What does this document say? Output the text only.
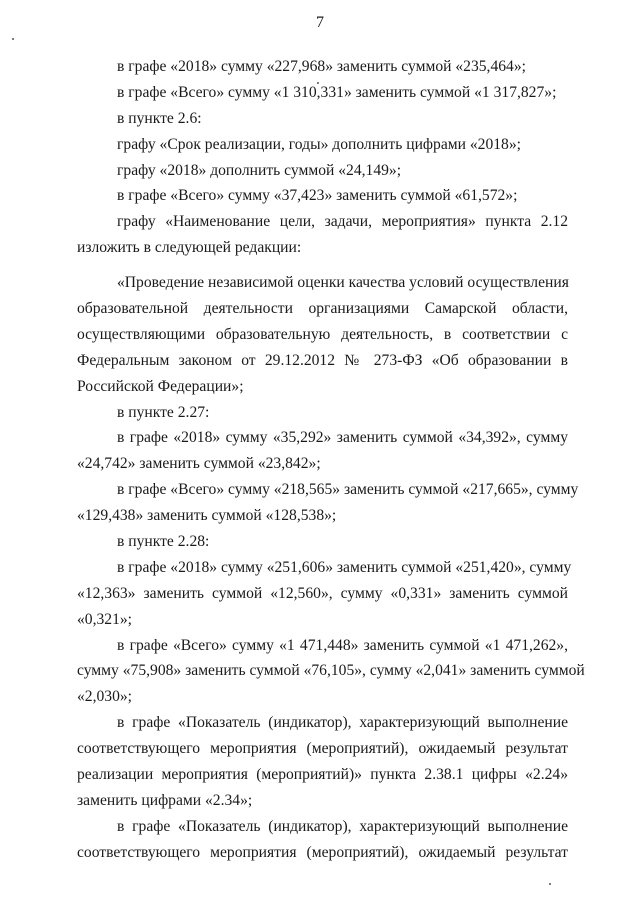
7
в графе «2018» сумму «227,968» заменить суммой «235,464»;
в графе «Всего» сумму «1 310,331» заменить суммой «1 317,827»;
в пункте 2.6:
графу «Срок реализации, годы» дополнить цифрами «2018»;
графу «2018» дополнить суммой «24,149»;
в графе «Всего» сумму «37,423» заменить суммой «61,572»;
графу «Наименование цели, задачи, мероприятия» пункта 2.12
изложить в следующей редакции:
«Проведение независимой оценки качества условий осуществления
образовательной деятельности организациями Самарской области,
осуществляющими образовательную деятельность, в соответствии с
Федеральным законом от 29.12.2012 № 273-ФЗ «Об образовании в
Российской Федерации»;
в пункте 2.27:
в графе «2018» сумму «35,292» заменить суммой «34,392», сумму
«24,742» заменить суммой «23,842»;
в графе «Всего» сумму «218,565» заменить суммой «217,665», сумму
«129,438» заменить суммой «128,538»;
в пункте 2.28:
в графе «2018» сумму «251,606» заменить суммой «251,420», сумму
«12,363» заменить суммой «12,560», сумму «0,331» заменить суммой
«0,321»;
в графе «Всего» сумму «1 471,448» заменить суммой «1 471,262»,
сумму «75,908» заменить суммой «76,105», сумму «2,041» заменить суммой
«2,030»;
в графе «Показатель (индикатор), характеризующий выполнение
соответствующего мероприятия (мероприятий), ожидаемый результат
реализации мероприятия (мероприятий)» пункта 2.38.1 цифры «2.24»
заменить цифрами «2.34»;
в графе «Показатель (индикатор), характеризующий выполнение
соответствующего мероприятия (мероприятий), ожидаемый результат
